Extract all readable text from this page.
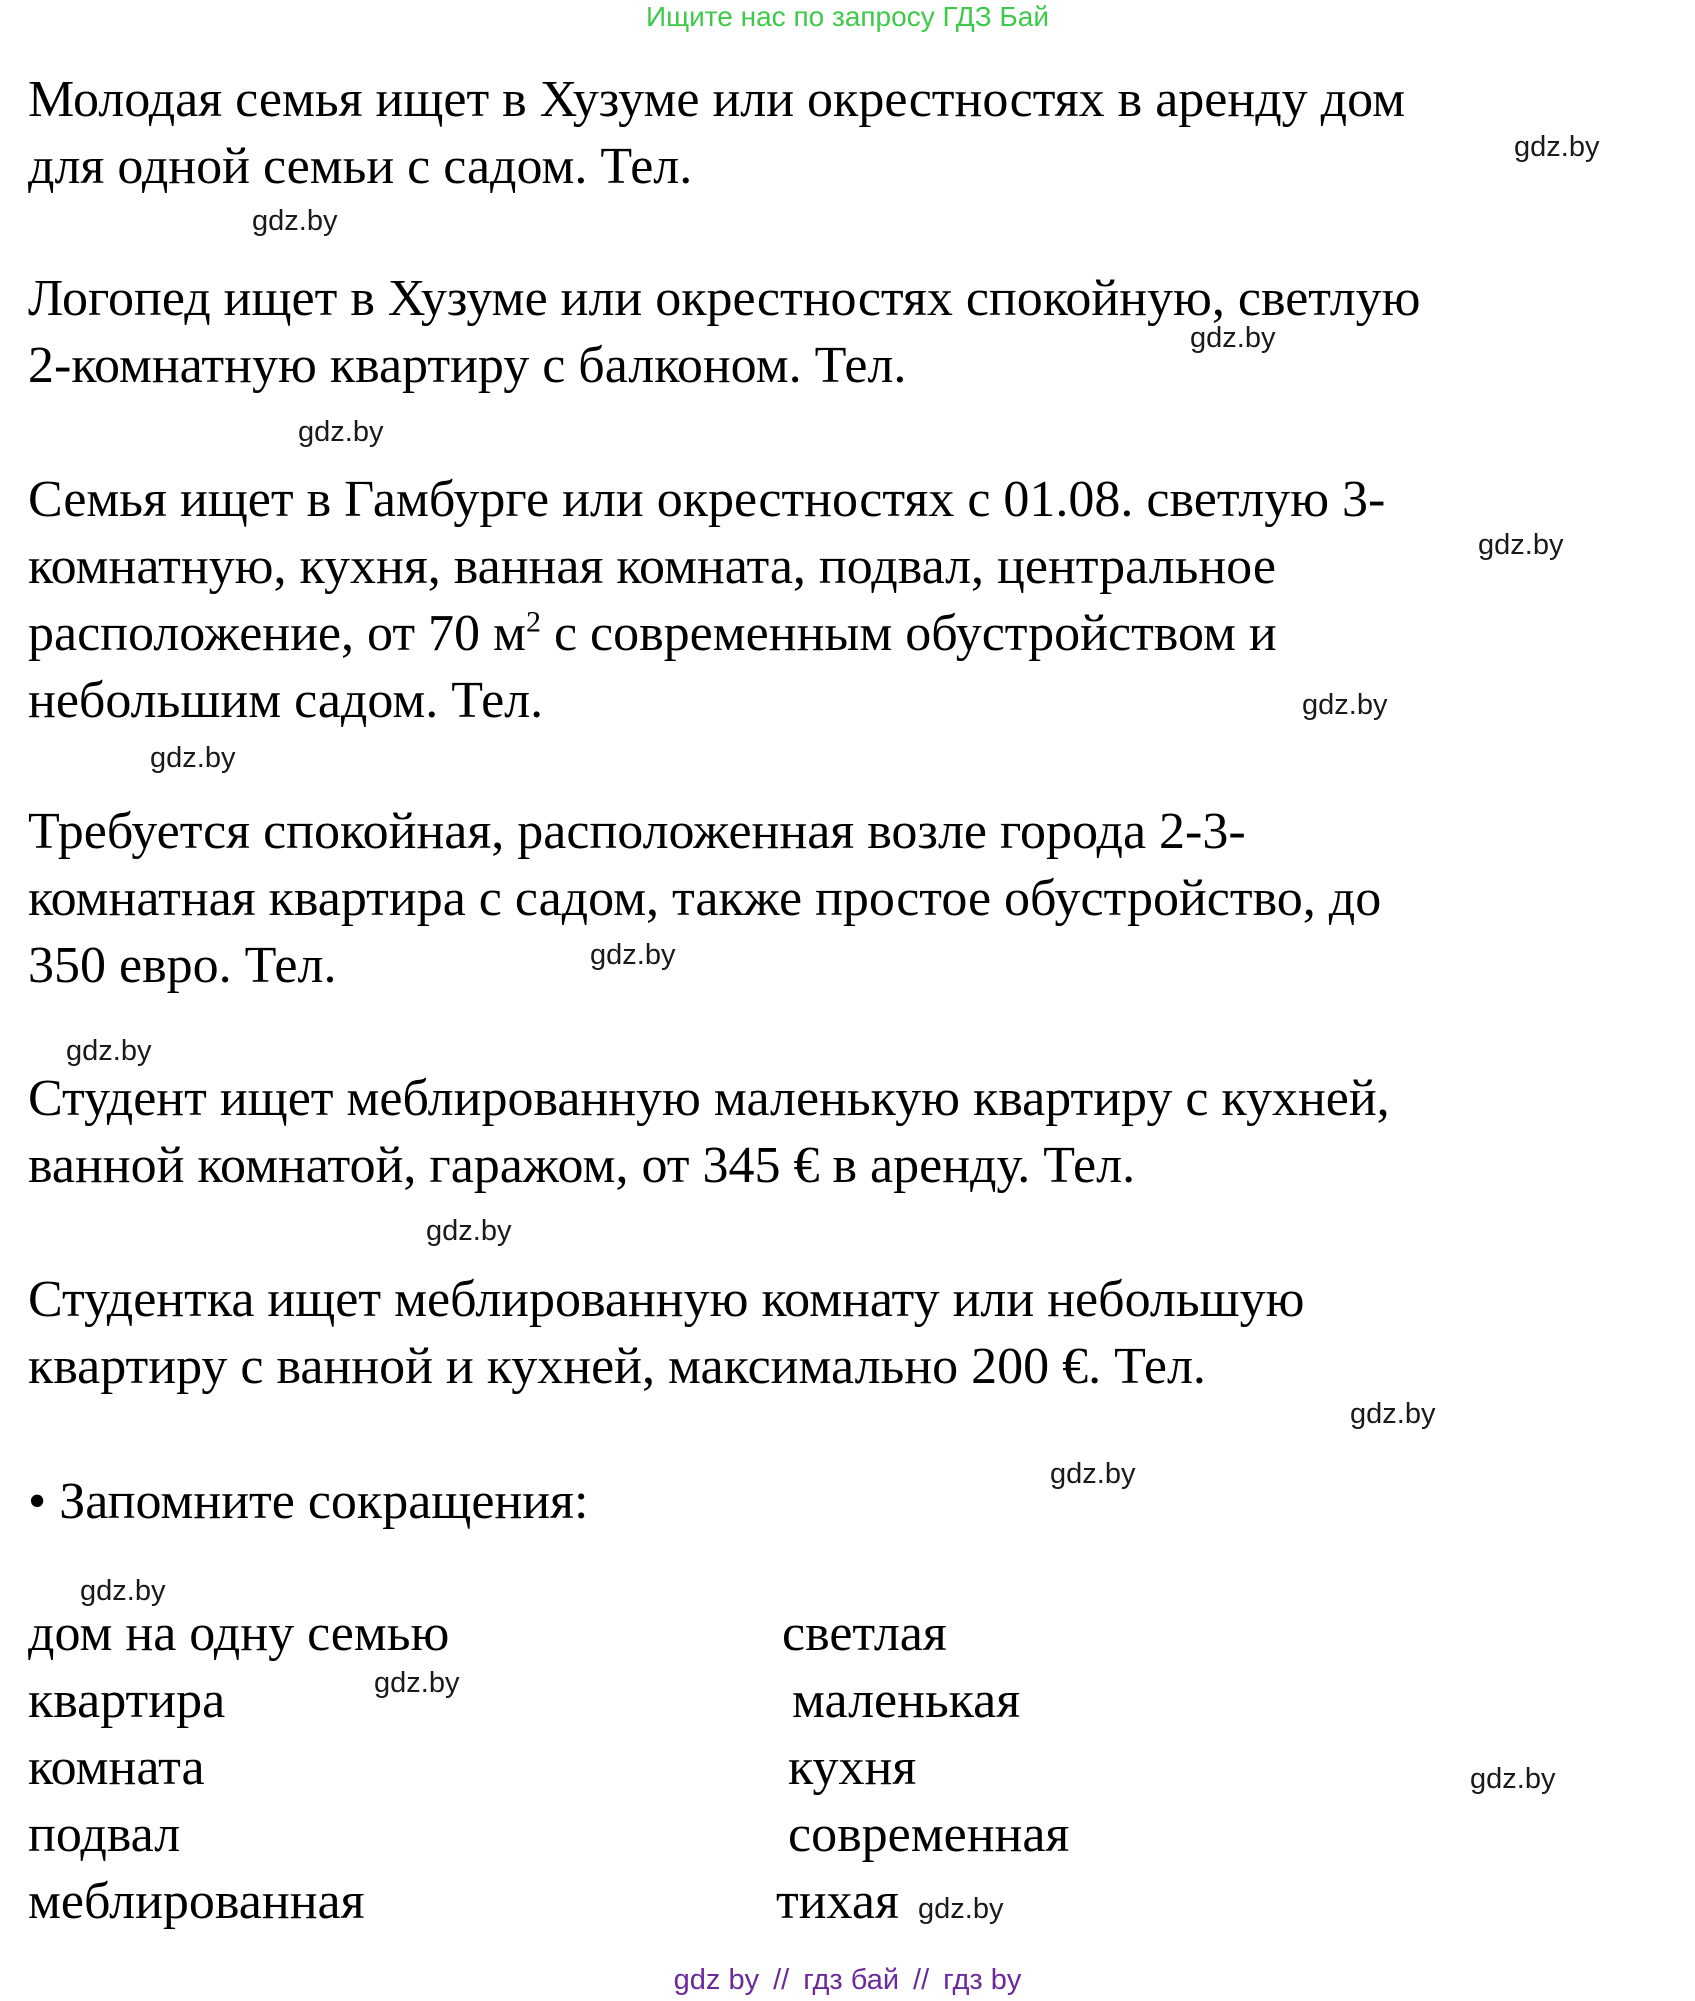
Ищите нас по запросу ГДЗ Бай

Молодая семья ищет в Хузуме или окрестностях в аренду дом
для одной семьи с садом. Тел.

Логопед ищет в Хузуме или окрестностях спокойную, светлую
2-комнатную квартиру с балконом. Тел.

Семья ищет в Гамбурге или окрестностях с 01.08. светлую 3-
комнатную, кухня, ванная комната, подвал, центральное
расположение, от 70 $м^2$ с современным обустройством и
небольшим садом. Тел.

Требуется спокойная, расположенная возле города 2-3-
комнатная квартира с садом, также простое обустройство, до
350 евро. Тел.

Студент ищет меблированную маленькую квартиру с кухней,
ванной комнатой, гаражом, от 345 € в аренду. Тел.

Студентка ищет меблированную комнату или небольшую
квартиру с ванной и кухней, максимально 200 €. Тел.

• Запомните сокращения:

дом на одну семью
квартира
комната
подвал
меблированная
светлая
маленькая
кухня
современная
тихая
gdz.by
gdz.by
gdz.by
gdz.by
gdz.by
gdz.by
gdz.by
gdz.by
gdz.by
gdz.by
gdz.by
gdz.by
gdz.by
gdz.by
gdz.by
gdz.by
gdz by // гдз бай // гдз by
